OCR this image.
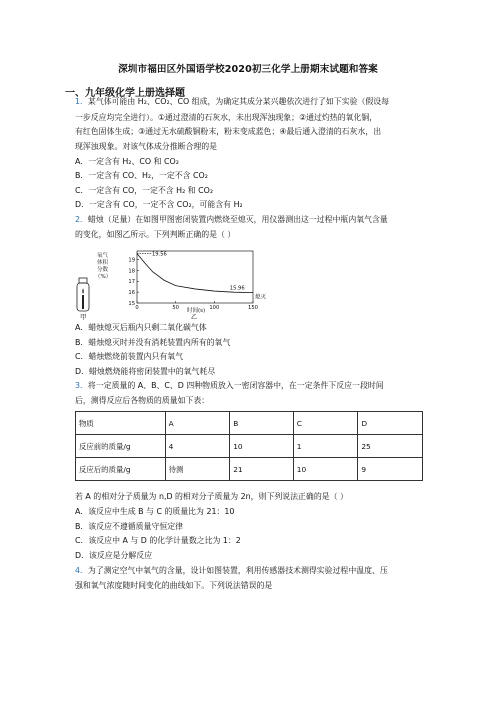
深圳市福田区外国语学校2020初三化学上册期末试题和答案
一、九年级化学上册选择题
1．某气体可能由 H₂、CO₂、CO 组成，为确定其成分某兴趣依次进行了如下实验（假设每
一步反应均完全进行）。①通过澄清的石灰水，未出现浑浊现象；②通过灼热的氧化铜，
有红色固体生成；③通过无水硫酸铜粉末，粉末变成蓝色；④最后通入澄清的石灰水，出
现浑浊现象。对该气体成分推断合理的是
A．一定含有 H₂、CO 和 CO₂
B．一定含有 CO、H₂，一定不含 CO₂
C．一定含有 CO，一定不含 H₂ 和 CO₂
D．一定含有 CO，一定不含 CO₂，可能含有 H₂
2．蜡烛（足量）在如图甲图密闭装置内燃烧至熄灭，用仪器测出这一过程中瓶内氧气含量
的变化，如图乙所示。下列判断正确的是（ ）
甲
氧气
体积
分数
（%）
19
18
17
16
15
0	50	100	150
19.56
15.96
熄灭
时间(s)
乙
A．蜡烛熄灭后瓶内只剩二氧化碳气体
B．蜡烛熄灭时并没有消耗装置内所有的氧气
C．蜡烛燃烧前装置内只有氧气
D．蜡烛燃烧能将密闭装置中的氧气耗尽
3．将一定质量的 A、B、C、D 四种物质放入一密闭容器中，在一定条件下反应一段时间
后，测得反应后各物质的质量如下表：
物质	A	B	C	D
反应前的质量/g	4	10	1	25
反应后的质量/g	待测	21	10	9
若 A 的相对分子质量为 n,D 的相对分子质量为 2n，则下列说法正确的是（ ）
A．该反应中生成 B 与 C 的质量比为 21：10
B．该反应不遵循质量守恒定律
C．该反应中 A 与 D 的化学计量数之比为 1：2
D．该反应是分解反应
4．为了测定空气中氧气的含量，设计如图装置，利用传感器技术测得实验过程中温度、压
强和氧气浓度随时间变化的曲线如下。下列说法错误的是
